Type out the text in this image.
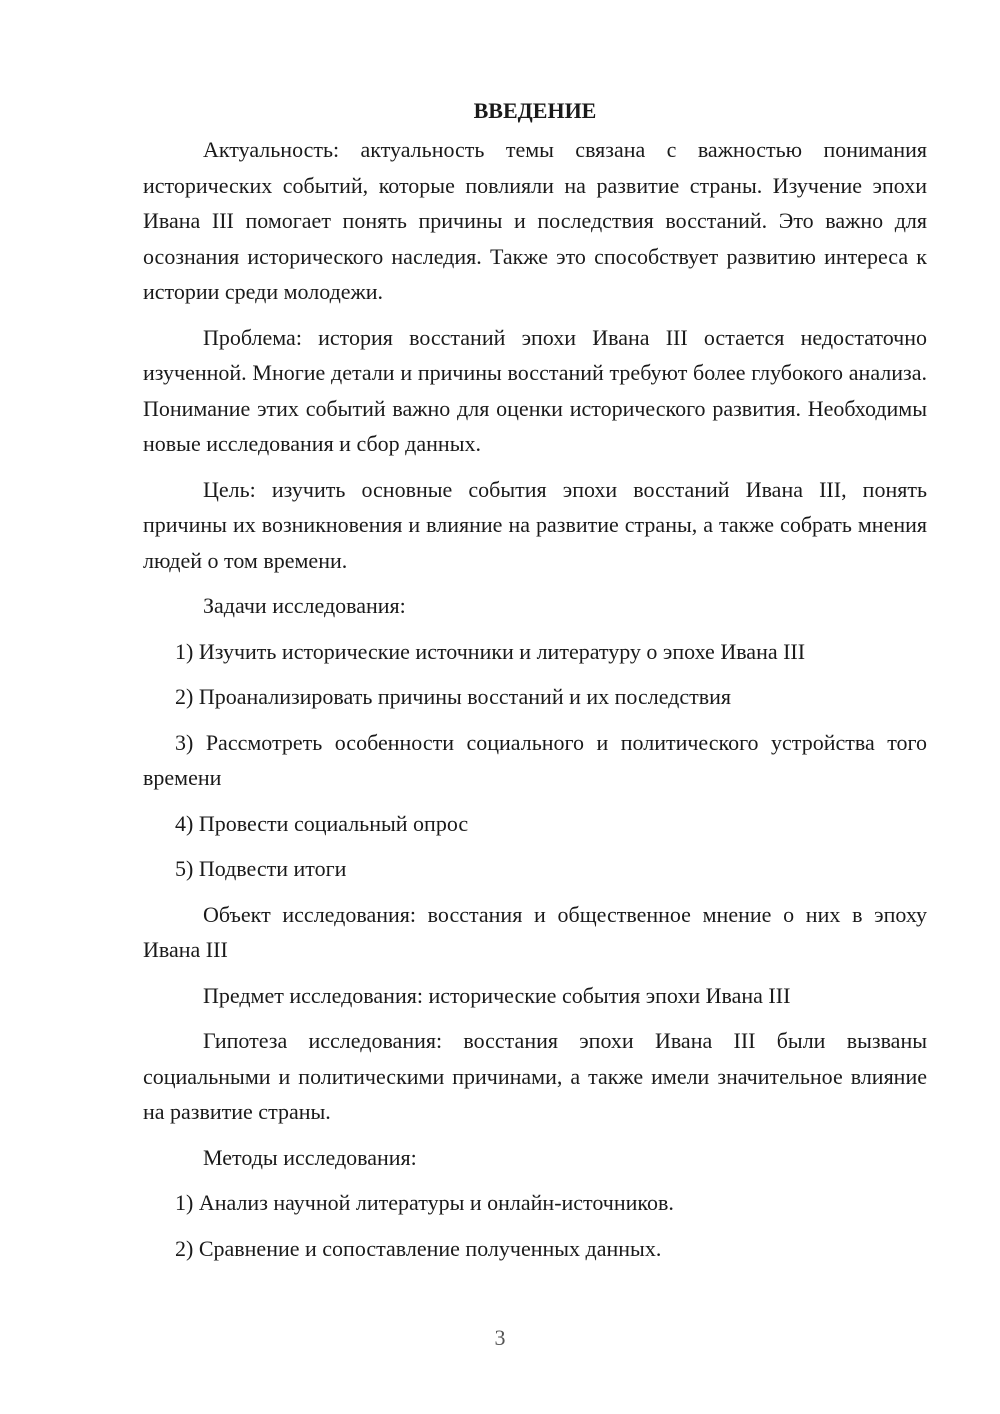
ВВЕДЕНИЕ

Актуальность: актуальность темы связана с важностью понимания исторических событий, которые повлияли на развитие страны. Изучение эпохи Ивана III помогает понять причины и последствия восстаний. Это важно для осознания исторического наследия. Также это способствует развитию интереса к истории среди молодежи.

Проблема: история восстаний эпохи Ивана III остается недостаточно изученной. Многие детали и причины восстаний требуют более глубокого анализа. Понимание этих событий важно для оценки исторического развития. Необходимы новые исследования и сбор данных.

Цель: изучить основные события эпохи восстаний Ивана III, понять причины их возникновения и влияние на развитие страны, а также собрать мнения людей о том времени.

Задачи исследования:

1) Изучить исторические источники и литературу о эпохе Ивана III

2) Проанализировать причины восстаний и их последствия

3) Рассмотреть особенности социального и политического устройства того времени

4) Провести социальный опрос

5) Подвести итоги

Объект исследования: восстания и общественное мнение о них в эпоху Ивана III

Предмет исследования: исторические события эпохи Ивана III

Гипотеза исследования: восстания эпохи Ивана III были вызваны социальными и политическими причинами, а также имели значительное влияние на развитие страны.

Методы исследования:

1) Анализ научной литературы и онлайн-источников.

2) Сравнение и сопоставление полученных данных.

3
